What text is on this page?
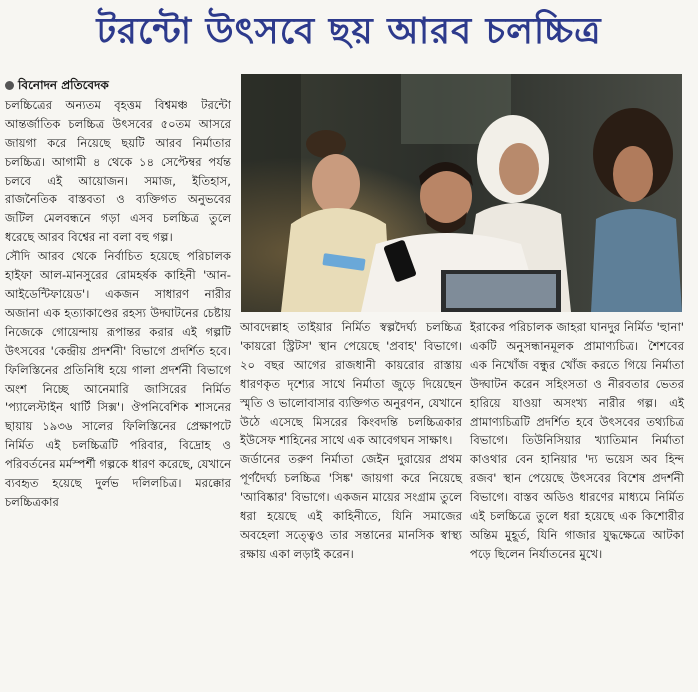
টরন্টো উৎসবে ছয় আরব চলচ্চিত্র
বিনোদন প্রতিবেদক

চলচ্চিত্রের অন্যতম বৃহত্তম বিশ্বমঞ্চ টরন্টো আন্তর্জাতিক চলচ্চিত্র উৎসবের ৫০তম আসরে জায়গা করে নিয়েছে ছয়টি আরব নির্মাতার চলচ্চিত্র। আগামী ৪ থেকে ১৪ সেপ্টেম্বর পর্যন্ত চলবে এই আয়োজন। সমাজ, ইতিহাস, রাজনৈতিক বাস্তবতা ও ব্যক্তিগত অনুভবের জটিল মেলবন্ধনে গড়া এসব চলচ্চিত্র তুলে ধরেছে আরব বিশ্বের না বলা বহু গল্প।

সৌদি আরব থেকে নির্বাচিত হয়েছে পরিচালক হাইফা আল-মানসুরের রোমহর্ষক কাহিনী 'আন-আইডেন্টিফায়েড'। একজন সাধারণ নারীর অজানা এক হত্যাকাণ্ডের রহস্য উদ্ঘাটনের চেষ্টায় নিজেকে গোয়েন্দায় রূপান্তর করার এই গল্পটি উৎসবের 'কেন্দ্রীয় প্রদর্শনী' বিভাগে প্রদর্শিত হবে। ফিলিস্তিনের প্রতিনিধি হয়ে গালা প্রদর্শনী বিভাগে অংশ নিচ্ছে আনেমারি জাসিরের নির্মিত 'প্যালেস্টাইন থার্টি সিক্স'। ঔপনিবেশিক শাসনের ছায়ায় ১৯৩৬ সালের ফিলিস্তিনের প্রেক্ষাপটে নির্মিত এই চলচ্চিত্রটি পরিবার, বিদ্রোহ ও পরিবর্তনের মর্মস্পর্শী গল্পকে ধারণ করেছে, যেখানে ব্যবহৃত হয়েছে দুর্লভ দলিলচিত্র। মরক্কোর চলচ্চিত্রকার

আবদেল্লাহ তাইয়ার নির্মিত স্বল্পদৈর্ঘ্য চলচ্চিত্র 'কায়রো স্ট্রিটস' স্থান পেয়েছে 'প্রবাহ' বিভাগে। ২০ বছর আগের রাজধানী কায়রোর রাস্তায় ধারণকৃত দৃশ্যের সাথে নির্মাতা জুড়ে দিয়েছেন স্মৃতি ও ভালোবাসার ব্যক্তিগত অনুরণন, যেখানে উঠে এসেছে মিসরের কিংবদন্তি চলচ্চিত্রকার ইউসেফ শাহিনের সাথে এক আবেগঘন সাক্ষাৎ।

জর্ডানের তরুণ নির্মাতা জেইন দুরায়ের প্রথম পূর্ণদৈর্ঘ্য চলচ্চিত্র 'সিঙ্ক' জায়গা করে নিয়েছে 'আবিষ্কার' বিভাগে। একজন মায়ের সংগ্রাম তুলে ধরা হয়েছে এই কাহিনীতে, যিনি সমাজের অবহেলা সত্ত্বেও তার সন্তানের মানসিক স্বাস্থ্য রক্ষায় একা লড়াই করেন।

ইরাকের পরিচালক জাহরা ঘানদুর নির্মিত 'হুানা' একটি অনুসন্ধানমূলক প্রামাণ্যচিত্র। শৈশবের এক নিখোঁজ বন্ধুর খোঁজ করতে গিয়ে নির্মাতা উদ্ঘাটন করেন সহিংসতা ও নীরবতার ভেতর হারিয়ে যাওয়া অসংখ্য নারীর গল্প। এই প্রামাণ্যচিত্রটি প্রদর্শিত হবে উৎসবের তথ্যচিত্র বিভাগে। তিউনিসিয়ার খ্যাতিমান নির্মাতা কাওথার বেন হানিয়ার 'দ্য ভয়েস অব হিন্দ রজব' স্থান পেয়েছে উৎসবের বিশেষ প্রদর্শনী বিভাগে। বাস্তব অডিও ধারণের মাধ্যমে নির্মিত এই চলচ্চিত্রে তুলে ধরা হয়েছে এক কিশোরীর অন্তিম মুহূর্ত, যিনি গাজার যুদ্ধক্ষেত্রে আটকা পড়ে ছিলেন নির্যাতনের মুখে।
